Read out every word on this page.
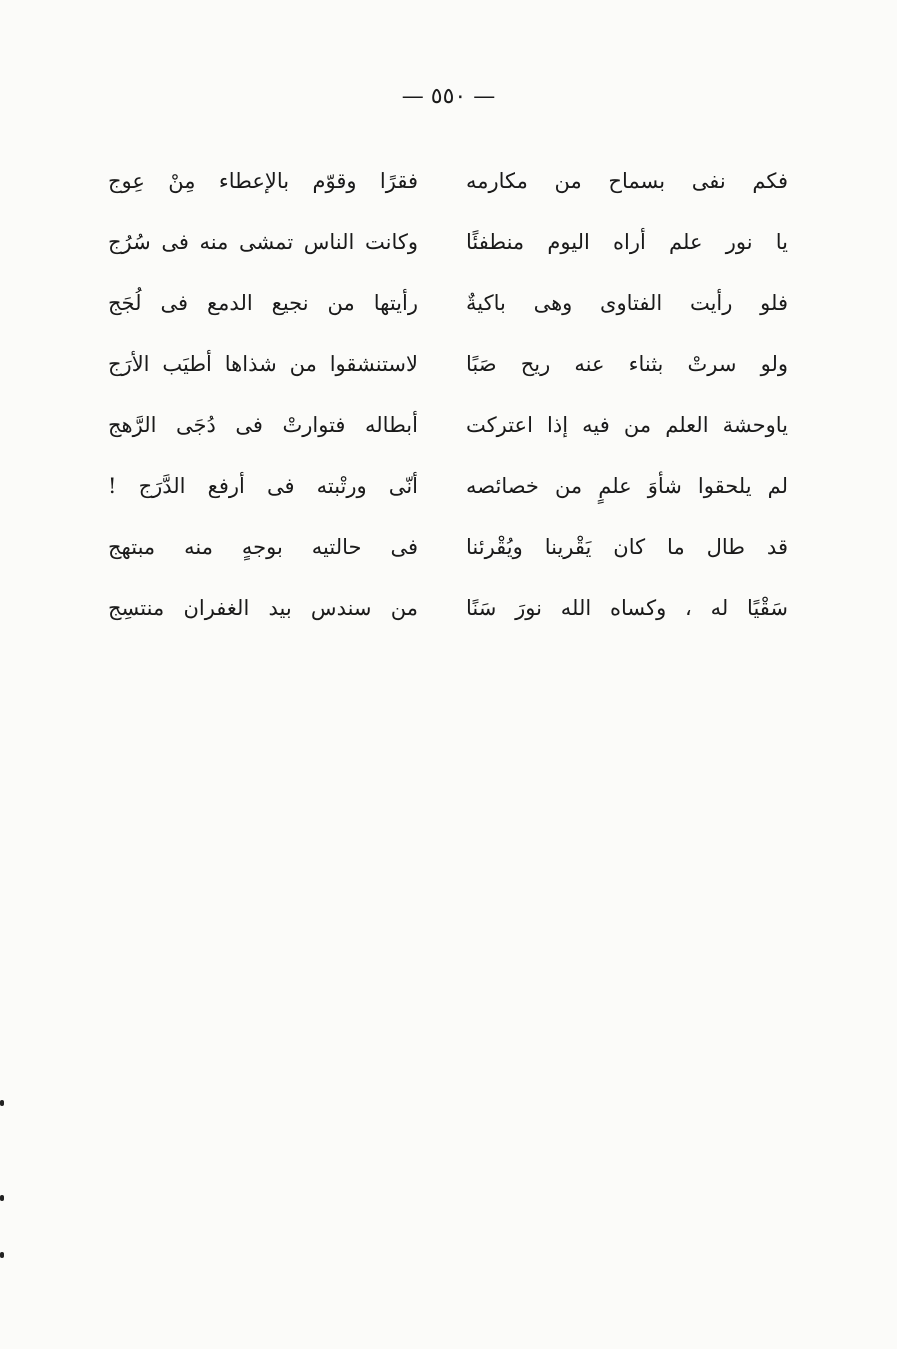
— ٥٥٠ —
فكم نفى بسماح من مكارمه
فقرًا وقوّم بالإعطاء مِنْ عِوج
يا نور علم أراه اليوم منطفئًا
وكانت الناس تمشى منه فى سُرُج
فلو رأيت الفتاوى وهى باكيةٌ
رأيتها من نجيع الدمع فى لُجَج
ولو سرتْ بثناء عنه ريح صَبًا
لاستنشقوا من شذاها أطيَب الأرَج
ياوحشة العلم من فيه إذا اعتركت
أبطاله فتوارتْ فى دُجَى الرَّهج
لم يلحقوا شأوَ علمٍ من خصائصه
أنّى ورتْبته فى أرفع الدَّرَج !
قد طال ما كان يَقْرينا ويُقْرئنا
فى حالتيه بوجهٍ منه مبتهج
سَقْيًا له ، وكساه الله نورَ سَنًا
من سندس بيد الغفران منتسِج
